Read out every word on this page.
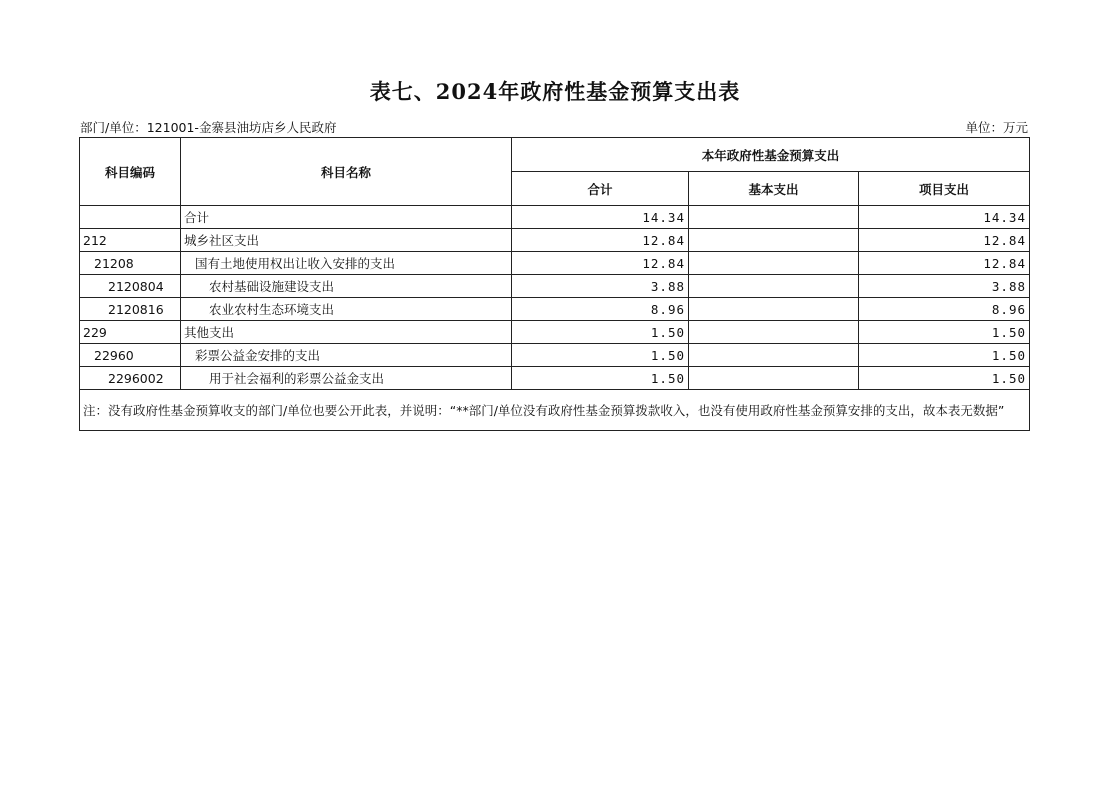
表七、2024年政府性基金预算支出表
部门/单位：121001-金寨县油坊店乡人民政府	单位：万元
科目编码	科目名称	本年政府性基金预算支出		
		合计	基本支出	项目支出
	合计	14.34		14.34
212	城乡社区支出	12.84		12.84
21208	国有土地使用权出让收入安排的支出	12.84		12.84
2120804	农村基础设施建设支出	3.88		3.88
2120816	农业农村生态环境支出	8.96		8.96
229	其他支出	1.50		1.50
22960	彩票公益金安排的支出	1.50		1.50
2296002	用于社会福利的彩票公益金支出	1.50		1.50
注：没有政府性基金预算收支的部门/单位也要公开此表，并说明：“**部门/单位没有政府性基金预算拨款收入，也没有使用政府性基金预算安排的支出，故本表无数据”				
